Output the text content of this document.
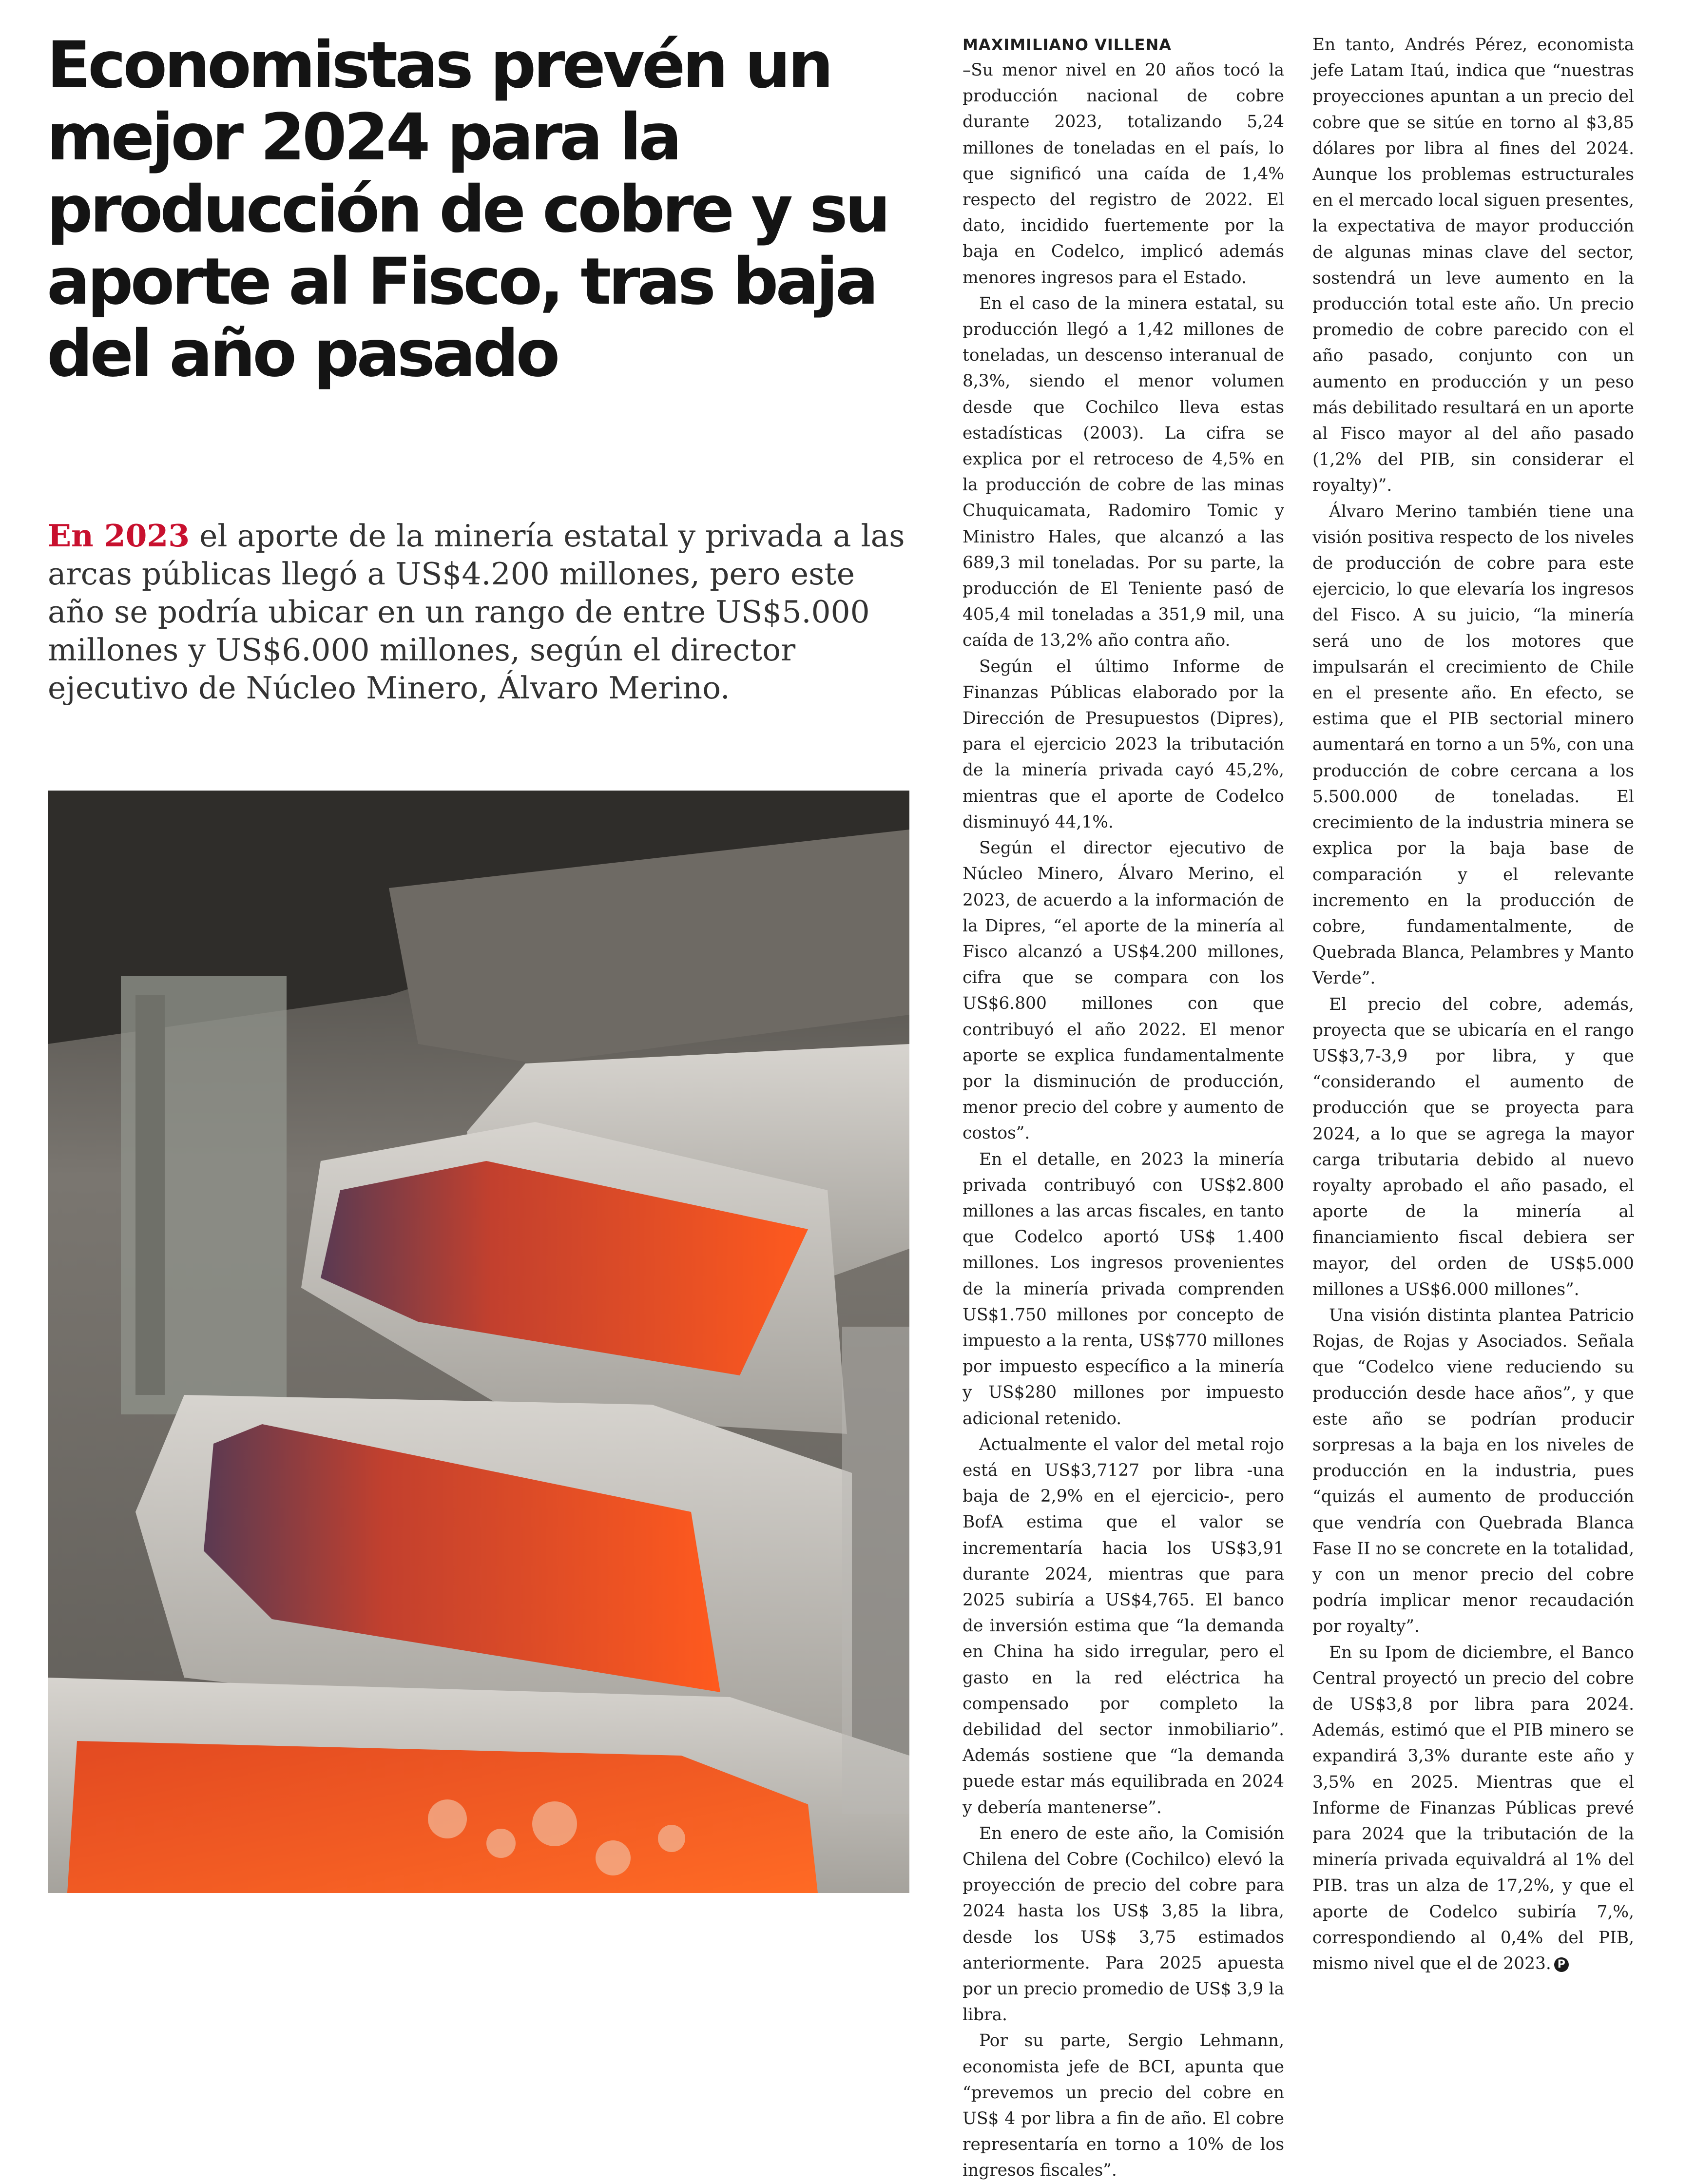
Economistas prevén un mejor 2024 para la producción de cobre y su aporte al Fisco, tras baja del año pasado

En 2023 el aporte de la minería estatal y privada a las arcas públicas llegó a US$4.200 millones, pero este año se podría ubicar en un rango de entre US$5.000 millones y US$6.000 millones, según el director ejecutivo de Núcleo Minero, Álvaro Merino.

MAXIMILIANO VILLENA

–Su menor nivel en 20 años tocó la producción nacional de cobre durante 2023, totalizando 5,24 millones de toneladas en el país, lo que significó una caída de 1,4% respecto del registro de 2022. El dato, incidido fuertemente por la baja en Codelco, implicó además menores ingresos para el Estado.

En el caso de la minera estatal, su producción llegó a 1,42 millones de toneladas, un descenso interanual de 8,3%, siendo el menor volumen desde que Cochilco lleva estas estadísticas (2003). La cifra se explica por el retroceso de 4,5% en la producción de cobre de las minas Chuquicamata, Radomiro Tomic y Ministro Hales, que alcanzó a las 689,3 mil toneladas. Por su parte, la producción de El Teniente pasó de 405,4 mil toneladas a 351,9 mil, una caída de 13,2% año contra año.

Según el último Informe de Finanzas Públicas elaborado por la Dirección de Presupuestos (Dipres), para el ejercicio 2023 la tributación de la minería privada cayó 45,2%, mientras que el aporte de Codelco disminuyó 44,1%.

Según el director ejecutivo de Núcleo Minero, Álvaro Merino, el 2023, de acuerdo a la información de la Dipres, “el aporte de la minería al Fisco alcanzó a US$4.200 millones, cifra que se compara con los US$6.800 millones con que contribuyó el año 2022. El menor aporte se explica fundamentalmente por la disminución de producción, menor precio del cobre y aumento de costos”.

En el detalle, en 2023 la minería privada contribuyó con US$2.800 millones a las arcas fiscales, en tanto que Codelco aportó US$ 1.400 millones. Los ingresos provenientes de la minería privada comprenden US$1.750 millones por concepto de impuesto a la renta, US$770 millones por impuesto específico a la minería y US$280 millones por impuesto adicional retenido.

Actualmente el valor del metal rojo está en US$3,7127 por libra -una baja de 2,9% en el ejercicio-, pero BofA estima que el valor se incrementaría hacia los US$3,91 durante 2024, mientras que para 2025 subiría a US$4,765. El banco de inversión estima que “la demanda en China ha sido irregular, pero el gasto en la red eléctrica ha compensado por completo la debilidad del sector inmobiliario”. Además sostiene que “la demanda puede estar más equilibrada en 2024 y debería mantenerse”.

En enero de este año, la Comisión Chilena del Cobre (Cochilco) elevó la proyección de precio del cobre para 2024 hasta los US$ 3,85 la libra, desde los US$ 3,75 estimados anteriormente. Para 2025 apuesta por un precio promedio de US$ 3,9 la libra.

Por su parte, Sergio Lehmann, economista jefe de BCI, apunta que “prevemos un precio del cobre en US$ 4 por libra a fin de año. El cobre representaría en torno a 10% de los ingresos fiscales”.

En tanto, Andrés Pérez, economista jefe Latam Itaú, indica que “nuestras proyecciones apuntan a un precio del cobre que se sitúe en torno al $3,85 dólares por libra al fines del 2024. Aunque los problemas estructurales en el mercado local siguen presentes, la expectativa de mayor producción de algunas minas clave del sector, sostendrá un leve aumento en la producción total este año. Un precio promedio de cobre parecido con el año pasado, conjunto con un aumento en producción y un peso más debilitado resultará en un aporte al Fisco mayor al del año pasado (1,2% del PIB, sin considerar el royalty)”.

Álvaro Merino también tiene una visión positiva respecto de los niveles de producción de cobre para este ejercicio, lo que elevaría los ingresos del Fisco. A su juicio, “la minería será uno de los motores que impulsarán el crecimiento de Chile en el presente año. En efecto, se estima que el PIB sectorial minero aumentará en torno a un 5%, con una producción de cobre cercana a los 5.500.000 de toneladas. El crecimiento de la industria minera se explica por la baja base de comparación y el relevante incremento en la producción de cobre, fundamentalmente, de Quebrada Blanca, Pelambres y Manto Verde”.

El precio del cobre, además, proyecta que se ubicaría en el rango US$3,7-3,9 por libra, y que “considerando el aumento de producción que se proyecta para 2024, a lo que se agrega la mayor carga tributaria debido al nuevo royalty aprobado el año pasado, el aporte de la minería al financiamiento fiscal debiera ser mayor, del orden de US$5.000 millones a US$6.000 millones”.

Una visión distinta plantea Patricio Rojas, de Rojas y Asociados. Señala que “Codelco viene reduciendo su producción desde hace años”, y que este año se podrían producir sorpresas a la baja en los niveles de producción en la industria, pues “quizás el aumento de producción que vendría con Quebrada Blanca Fase II no se concrete en la totalidad, y con un menor precio del cobre podría implicar menor recaudación por royalty”.

En su Ipom de diciembre, el Banco Central proyectó un precio del cobre de US$3,8 por libra para 2024. Además, estimó que el PIB minero se expandirá 3,3% durante este año y 3,5% en 2025. Mientras que el Informe de Finanzas Públicas prevé para 2024 que la tributación de la minería privada equivaldrá al 1% del PIB. tras un alza de 17,2%, y que el aporte de Codelco subiría 7,%, correspondiendo al 0,4% del PIB, mismo nivel que el de 2023. P
